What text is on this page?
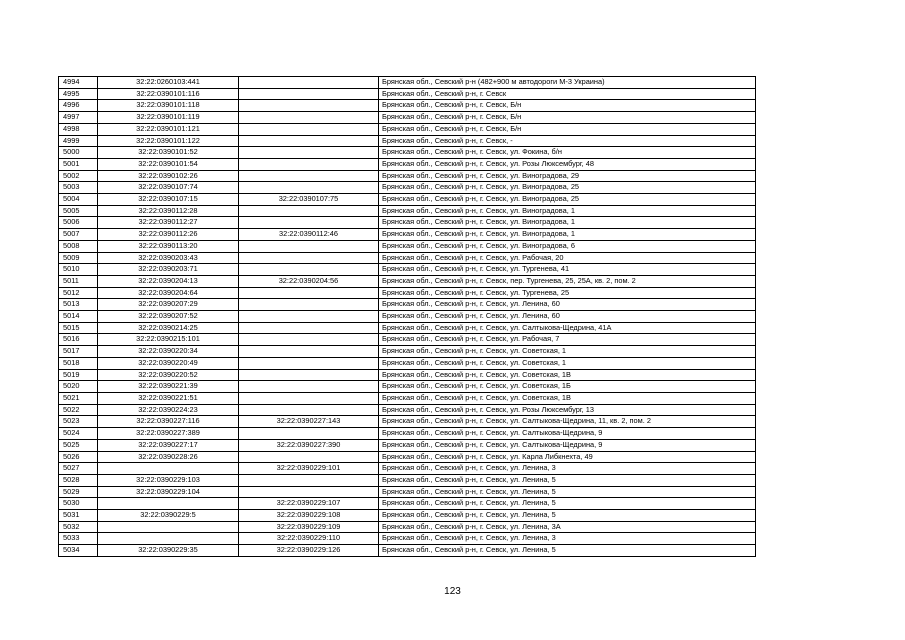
4994	32:22:0260103:441		Брянская обл., Севский р-н (482+900 м автодороги М-3 Украина)
4995	32:22:0390101:116		Брянская обл., Севский р-н, г. Севск
4996	32:22:0390101:118		Брянская обл., Севский р-н, г. Севск, Б/н
4997	32:22:0390101:119		Брянская обл., Севский р-н, г. Севск, Б/н
4998	32:22:0390101:121		Брянская обл., Севский р-н, г. Севск, Б/н
4999	32:22:0390101:122		Брянская обл., Севский р-н, г. Севск, -
5000	32:22:0390101:52		Брянская обл., Севский р-н, г. Севск, ул. Фокина, б/н
5001	32:22:0390101:54		Брянская обл., Севский р-н, г. Севск, ул. Розы Люксембург, 48
5002	32:22:0390102:26		Брянская обл., Севский р-н, г. Севск, ул. Виноградова, 29
5003	32:22:0390107:74		Брянская обл., Севский р-н, г. Севск, ул. Виноградова, 25
5004	32:22:0390107:15	32:22:0390107:75	Брянская обл., Севский р-н, г. Севск, ул. Виноградова, 25
5005	32:22:0390112:28		Брянская обл., Севский р-н, г. Севск, ул. Виноградова, 1
5006	32:22:0390112:27		Брянская обл., Севский р-н, г. Севск, ул. Виноградова, 1
5007	32:22:0390112:26	32:22:0390112:46	Брянская обл., Севский р-н, г. Севск, ул. Виноградова, 1
5008	32:22:0390113:20		Брянская обл., Севский р-н, г. Севск, ул. Виноградова, 6
5009	32:22:0390203:43		Брянская обл., Севский р-н, г. Севск, ул. Рабочая, 20
5010	32:22:0390203:71		Брянская обл., Севский р-н, г. Севск, ул. Тургенева, 41
5011	32:22:0390204:13	32:22:0390204:56	Брянская обл., Севский р-н, г. Севск, пер. Тургенева, 25, 25А, кв. 2, пом. 2
5012	32:22:0390204:64		Брянская обл., Севский р-н, г. Севск, ул. Тургенева, 25
5013	32:22:0390207:29		Брянская обл., Севский р-н, г. Севск, ул. Ленина, 60
5014	32:22:0390207:52		Брянская обл., Севский р-н, г. Севск, ул. Ленина, 60
5015	32:22:0390214:25		Брянская обл., Севский р-н, г. Севск, ул. Салтыкова-Щедрина, 41А
5016	32:22:0390215:101		Брянская обл., Севский р-н, г. Севск, ул. Рабочая, 7
5017	32:22:0390220:34		Брянская обл., Севский р-н, г. Севск, ул. Советская, 1
5018	32:22:0390220:49		Брянская обл., Севский р-н, г. Севск, ул. Советская, 1
5019	32:22:0390220:52		Брянская обл., Севский р-н, г. Севск, ул. Советская, 1В
5020	32:22:0390221:39		Брянская обл., Севский р-н, г. Севск, ул. Советская, 1Б
5021	32:22:0390221:51		Брянская обл., Севский р-н, г. Севск, ул. Советская, 1В
5022	32:22:0390224:23		Брянская обл., Севский р-н, г. Севск, ул. Розы Люксембург, 13
5023	32:22:0390227:116	32:22:0390227:143	Брянская обл., Севский р-н, г. Севск, ул. Салтыкова-Щедрина, 11, кв. 2, пом. 2
5024	32:22:0390227:389		Брянская обл., Севский р-н, г. Севск, ул. Салтыкова-Щедрина, 9
5025	32:22:0390227:17	32:22:0390227:390	Брянская обл., Севский р-н, г. Севск, ул. Салтыкова-Щедрина, 9
5026	32:22:0390228:26		Брянская обл., Севский р-н, г. Севск, ул. Карла Либкнехта, 49
5027		32:22:0390229:101	Брянская обл., Севский р-н, г. Севск, ул. Ленина, 3
5028	32:22:0390229:103		Брянская обл., Севский р-н, г. Севск, ул. Ленина, 5
5029	32:22:0390229:104		Брянская обл., Севский р-н, г. Севск, ул. Ленина, 5
5030		32:22:0390229:107	Брянская обл., Севский р-н, г. Севск, ул. Ленина, 5
5031	32:22:0390229:5	32:22:0390229:108	Брянская обл., Севский р-н, г. Севск, ул. Ленина, 5
5032		32:22:0390229:109	Брянская обл., Севский р-н, г. Севск, ул. Ленина, 3А
5033		32:22:0390229:110	Брянская обл., Севский р-н, г. Севск, ул. Ленина, 3
5034	32:22:0390229:35	32:22:0390229:126	Брянская обл., Севский р-н, г. Севск, ул. Ленина, 5
123
